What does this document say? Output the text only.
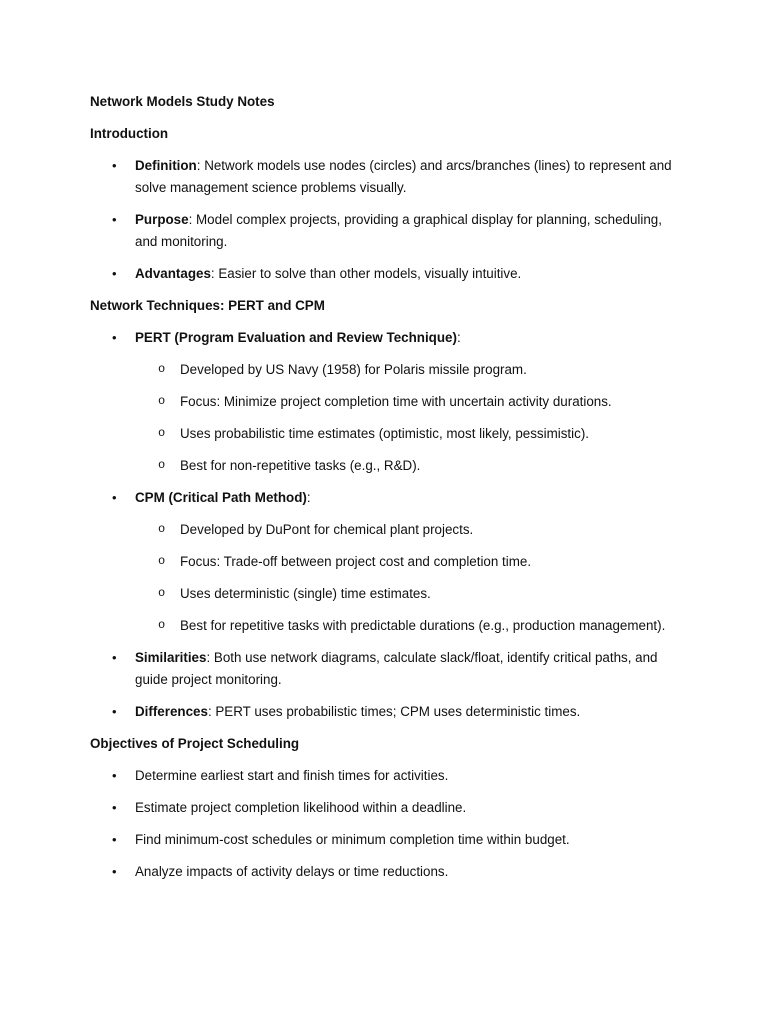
Network Models Study Notes
Introduction
• Definition: Network models use nodes (circles) and arcs/branches (lines) to represent and solve management science problems visually.
• Purpose: Model complex projects, providing a graphical display for planning, scheduling, and monitoring.
• Advantages: Easier to solve than other models, visually intuitive.
Network Techniques: PERT and CPM
• PERT (Program Evaluation and Review Technique):
o Developed by US Navy (1958) for Polaris missile program.
o Focus: Minimize project completion time with uncertain activity durations.
o Uses probabilistic time estimates (optimistic, most likely, pessimistic).
o Best for non-repetitive tasks (e.g., R&D).
• CPM (Critical Path Method):
o Developed by DuPont for chemical plant projects.
o Focus: Trade-off between project cost and completion time.
o Uses deterministic (single) time estimates.
o Best for repetitive tasks with predictable durations (e.g., production management).
• Similarities: Both use network diagrams, calculate slack/float, identify critical paths, and guide project monitoring.
• Differences: PERT uses probabilistic times; CPM uses deterministic times.
Objectives of Project Scheduling
• Determine earliest start and finish times for activities.
• Estimate project completion likelihood within a deadline.
• Find minimum-cost schedules or minimum completion time within budget.
• Analyze impacts of activity delays or time reductions.
